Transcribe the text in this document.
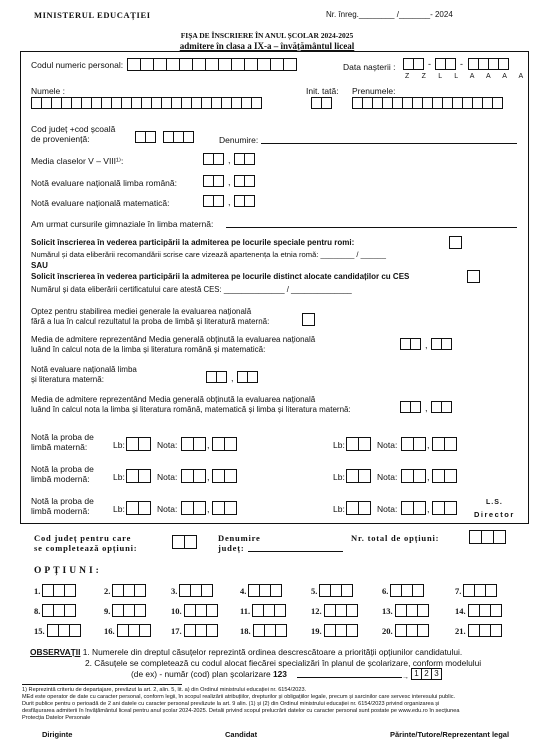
MINISTERUL EDUCAȚIEI	Nr. înreg.________ /_______- 2024
FIȘA DE ÎNSCRIERE ÎN ANUL ȘCOLAR 2024-2025
admitere în clasa a IX-a – învățământul liceal
Codul numeric personal:	Data nașterii :	-	-
Z Z L L A A A A
Numele :	Init. tată: Prenumele:
Cod județ +cod școală
de proveniență:	Denumire:
Media claselor V – VIII¹⁾:	,
Notă evaluare națională limba română:	,
Notă evaluare națională matematică:	,
Am urmat cursurile gimnaziale în limba maternă:
Solicit înscrierea în vederea participării la admiterea pe locurile speciale pentru romi:
Numărul și data eliberării recomandării scrise care vizează apartenența la etnia romă: ________ / ______
SAU
Solicit înscrierea în vederea participării la admiterea pe locurile distinct alocate candidaților cu CES
Numărul și data eliberării certificatului care atestă CES: ______________ / ______________
Optez pentru stabilirea mediei generale la evaluarea națională
fără a lua în calcul rezultatul la proba de limbă și literatură maternă:
Media de admitere reprezentând Media generală obținută la evaluarea națională
luând în calcul nota de la limba și literatura română și matematică:	,
Notă evaluare națională limba
și literatura maternă:	,
Media de admitere reprezentând Media generală obținută la evaluarea națională
luând în calcul nota la limba și literatura română, matematică și limba și literatura maternă:	,
Notă la proba de
limbă maternă:	Lb:	Nota:	,	Lb:	Nota:	,
Notă la proba de
limbă modernă:	Lb:	Nota:	,	Lb:	Nota:	,
Notă la proba de
limbă modernă:	Lb:	Nota:	,	Lb:	Nota:	,
L.S.
Director
Cod județ pentru care
se completează opțiuni:
Denumire
județ:
Nr. total de opțiuni:
OPȚIUNI:
1.	2.	3.	4.	5.	6.	7.
8.	9.	10.	11.	12.	13.	14.
15.	16.	17.	18.	19.	20.	21.
OBSERVAȚII 1. Numerele din dreptul căsuțelor reprezintă ordinea descrescătoare a priorității opțiunilor candidatului.
2. Căsuțele se completează cu codul alocat fiecărei specializări în planul de școlarizare, conform modelului
(de ex) - număr (cod) plan școlarizare 123	→ 1 2 3
1) Reprezintă criteriu de departajare, prevăzut la art. 2, alin. 5, lit. a) din Ordinul ministrului educației nr. 6154/2023.
MEd este operator de date cu caracter personal, conform legii, în scopul realizării atribuțiilor, drepturilor și obligațiilor legale, precum și sarcinilor care servesc interesului public.
Durit publice pentru o perioadă de 2 ani datele cu caracter personal prevăzute la art. 9 alin. (1) și (2) din Ordinul ministrului educației nr. 6154/2023 privind organizarea și
desfășurarea admiterii în învățământul liceal pentru anul școlar 2024-2025. Detalii privind scopul prelucrării datelor cu caracter personal sunt postate pe www.edu.ro în secțiunea
Protecția Datelor Personale
Diriginte	Candidat	Părinte/Tutore/Reprezentant legal
